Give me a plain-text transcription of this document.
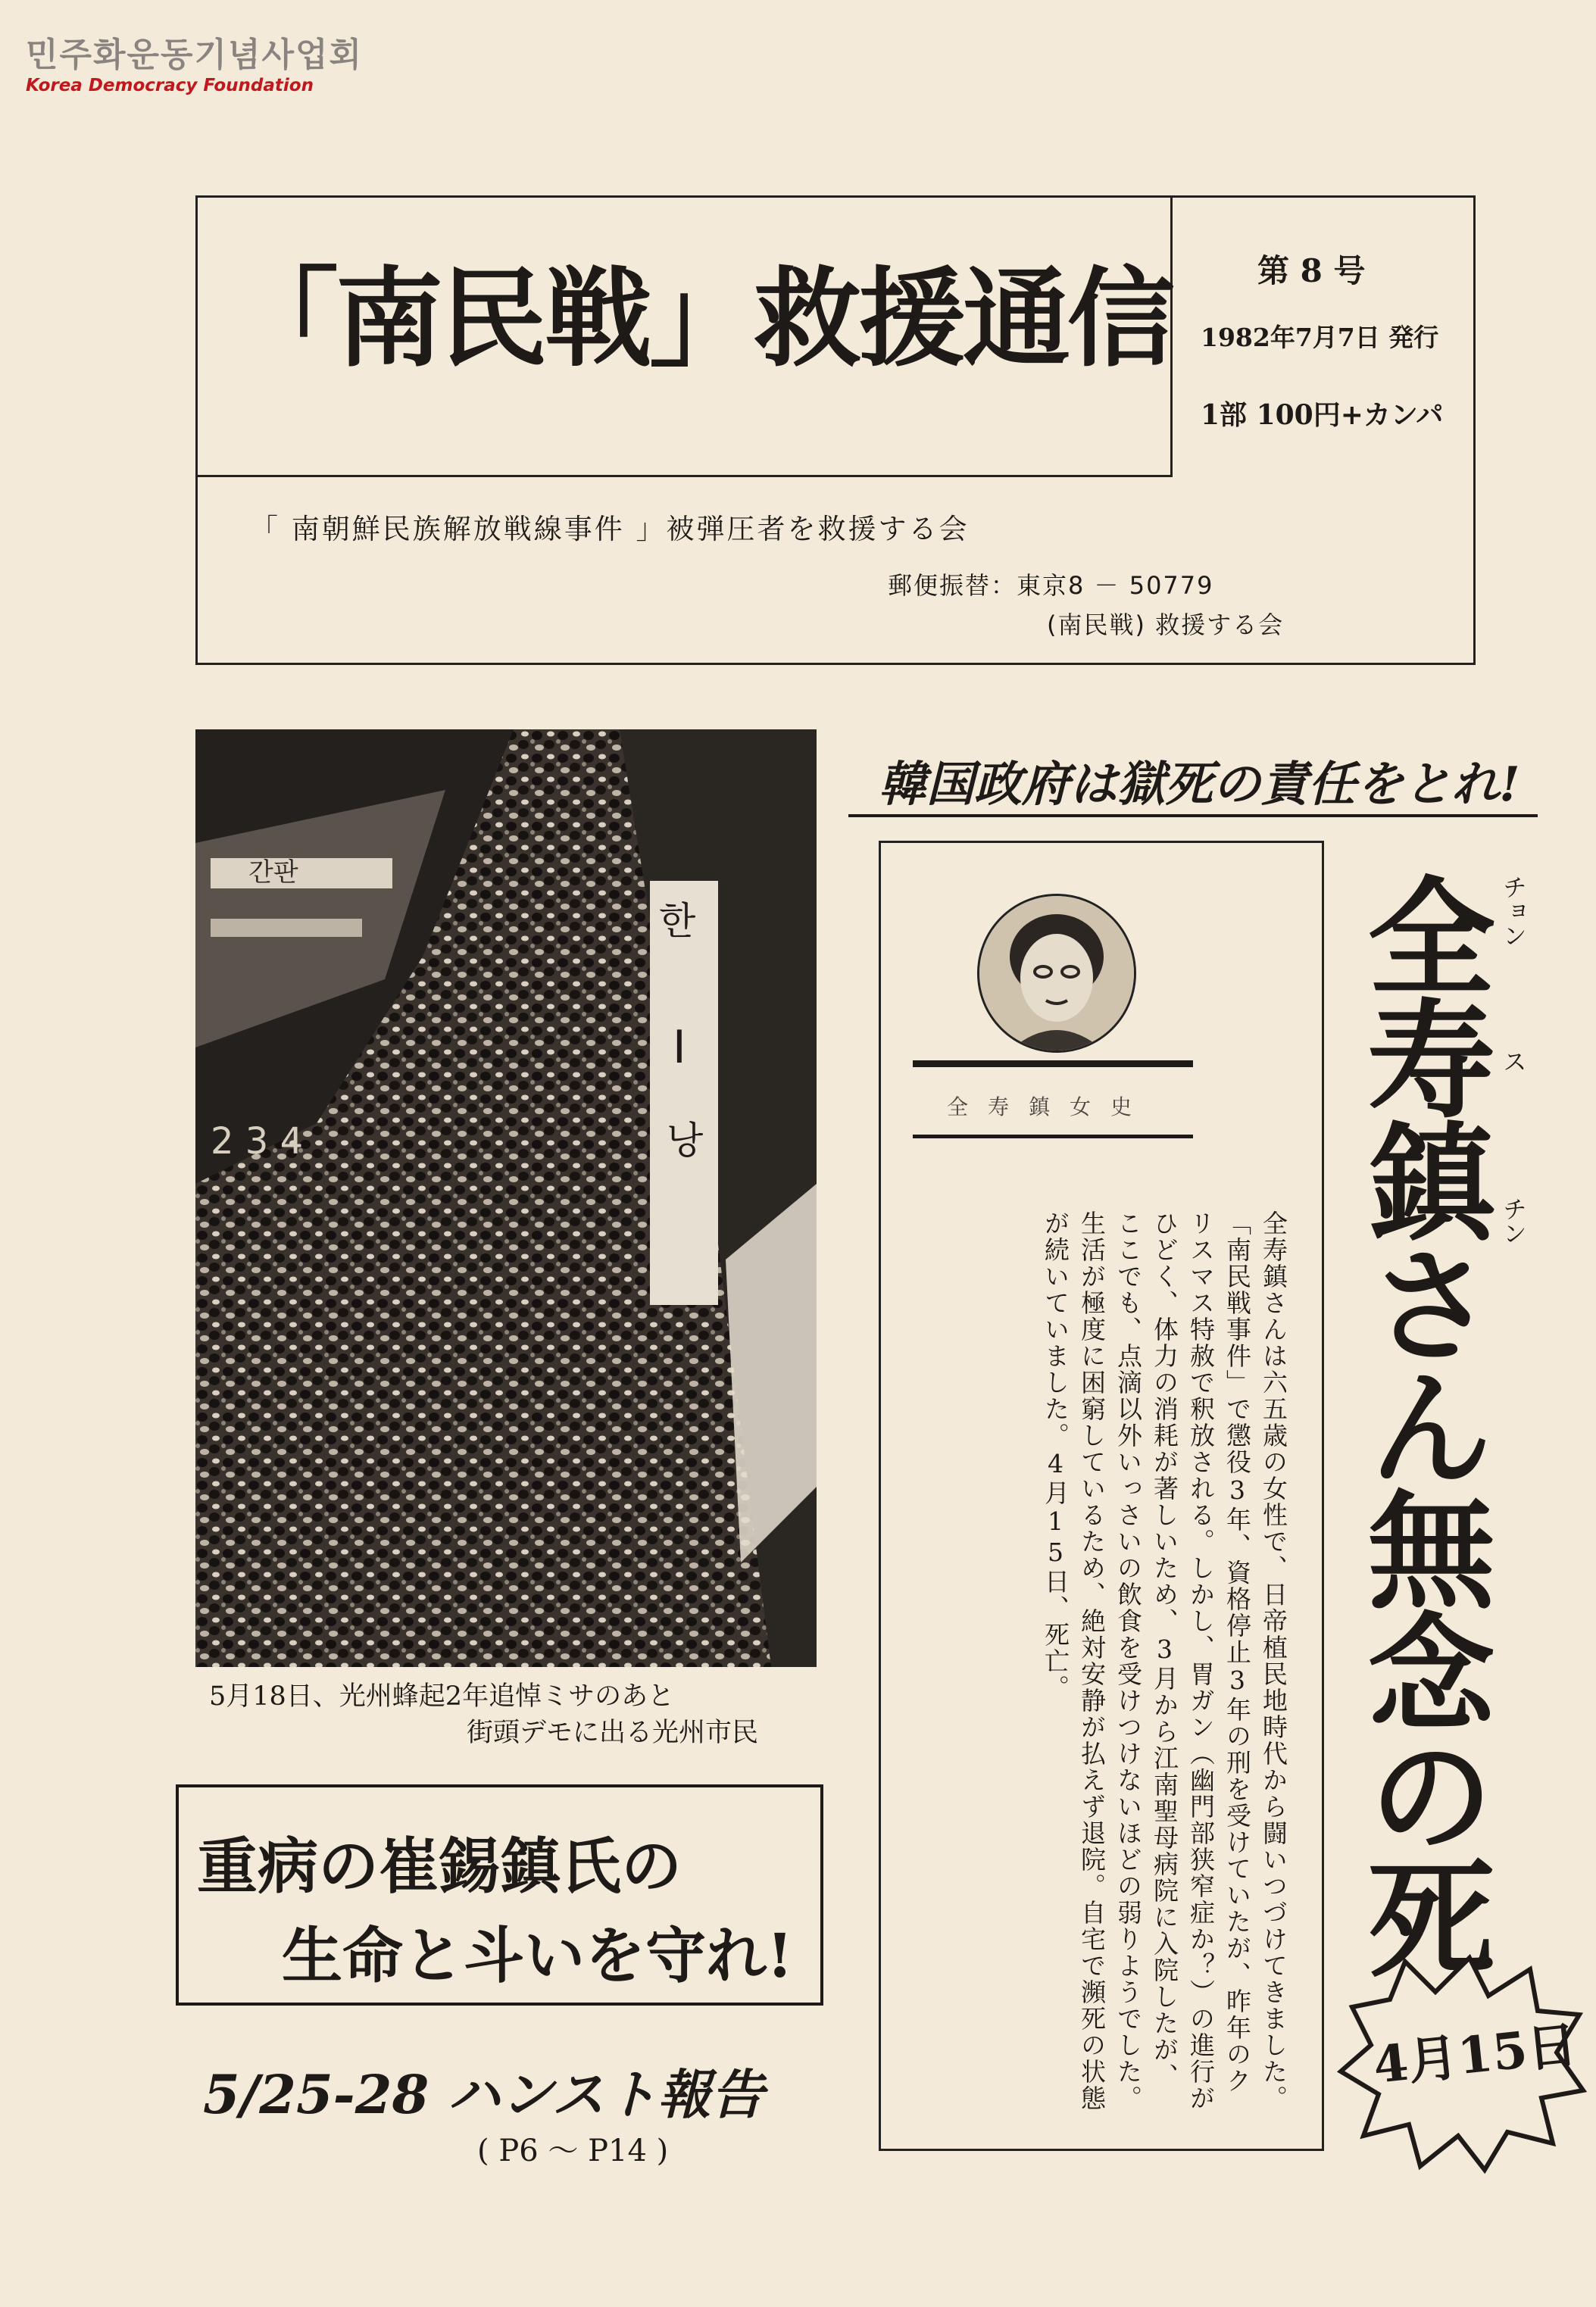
민주화운동기념사업회
Korea Democracy Foundation
「南民戦」救援通信	第 8 号
1982年7月7日 発行
1部 100円+カンパ
「 南朝鮮民族解放戦線事件 」被弾圧者を救援する会
郵便振替：東京8 － 50779
(南民戦) 救援する会
간판
한
I
낭
2 3 4
5月18日、光州蜂起2年追悼ミサのあと
街頭デモに出る光州市民
重病の崔錫鎮氏の
生命と斗いを守れ!
5/25-28 ハンスト報告
( P6 ～ P14 )
韓国政府は獄死の責任をとれ!
全寿鎮女史
全寿鎮さんは六五歳の女性で、日帝植民地時代から闘いつづけてきました。「南民戦事件」で懲役3年、資格停止3年の刑を受けていたが、昨年のクリスマス特赦で釈放される。しかし、胃ガン（幽門部狭窄症か？）の進行がひどく、体力の消耗が著しいため、3月から江南聖母病院に入院したが、ここでも、点滴以外いっさいの飲食を受けつけないほどの弱りようでした。生活が極度に困窮しているため、絶対安静が払えず退院。自宅で瀕死の状態が続いていました。4月15日、死亡。	全寿鎮さん無念の死 チョン
ス
チン
4月15日
